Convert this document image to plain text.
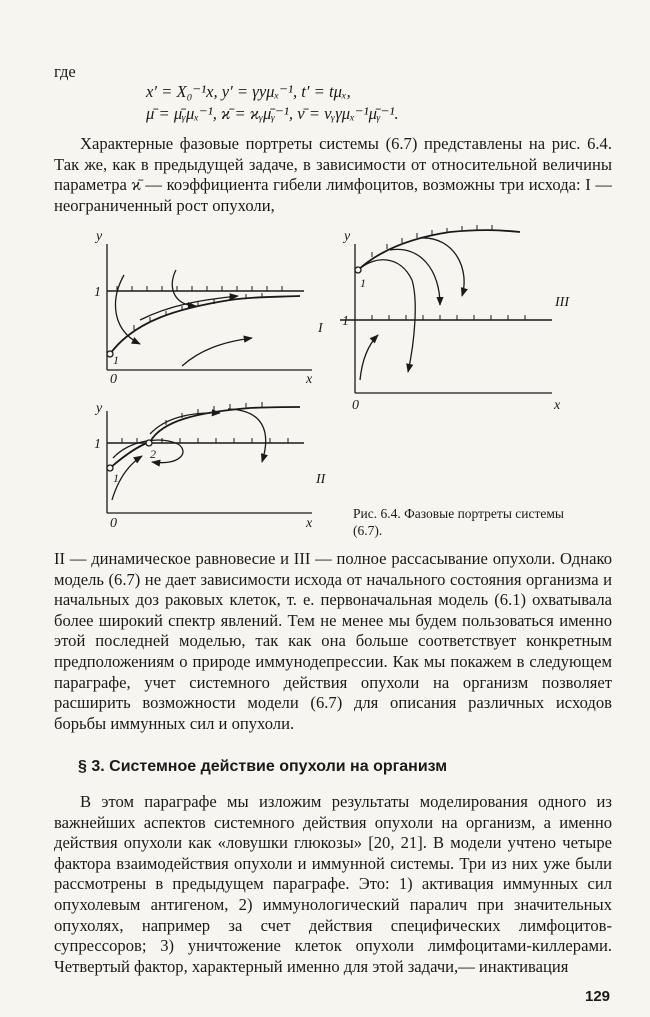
где
x′ = X₀⁻¹x, y′ = γyμₓ⁻¹, t′ = tμₓ,
μ̄ = μ̄ᵧμₓ⁻¹, ϰ̄ = ϰᵧμ̄ᵧ⁻¹, ν̄ = νᵧγμₓ⁻¹μ̄ᵧ⁻¹.

Характерные фазовые портреты системы (6.7) представлены на рис. 6.4. Так же, как в предыдущей задаче, в зависимости от относительной величины параметра ϰ̄ — коэффициента гибели лимфоцитов, возможны три исхода: I — неограниченный рост опухоли,

y
1
0	x
1
I
y
1
0	x
1
III
y
1
0	x
1
2
II
Рис. 6.4. Фазовые портреты системы (6.7).

II — динамическое равновесие и III — полное рассасывание опухоли. Однако модель (6.7) не дает зависимости исхода от начального состояния организма и начальных доз раковых клеток, т. е. первоначальная модель (6.1) охватывала более широкий спектр явлений. Тем не менее мы будем пользоваться именно этой последней моделью, так как она больше соответствует конкретным предположениям о природе иммунодепрессии. Как мы покажем в следующем параграфе, учет системного действия опухоли на организм позволяет расширить возможности модели (6.7) для описания различных исходов борьбы иммунных сил и опухоли.

§ 3. Системное действие опухоли на организм

В этом параграфе мы изложим результаты моделирования одного из важнейших аспектов системного действия опухоли на организм, а именно действия опухоли как «ловушки глюкозы» [20, 21]. В модели учтено четыре фактора взаимодействия опухоли и иммунной системы. Три из них уже были рассмотрены в предыдущем параграфе. Это: 1) активация иммунных сил опухолевым антигеном, 2) иммунологический паралич при значительных опухолях, например за счет действия специфических лимфоцитов-супрессоров; 3) уничтожение клеток опухоли лимфоцитами-киллерами. Четвертый фактор, характерный именно для этой задачи,— инактивация

129
